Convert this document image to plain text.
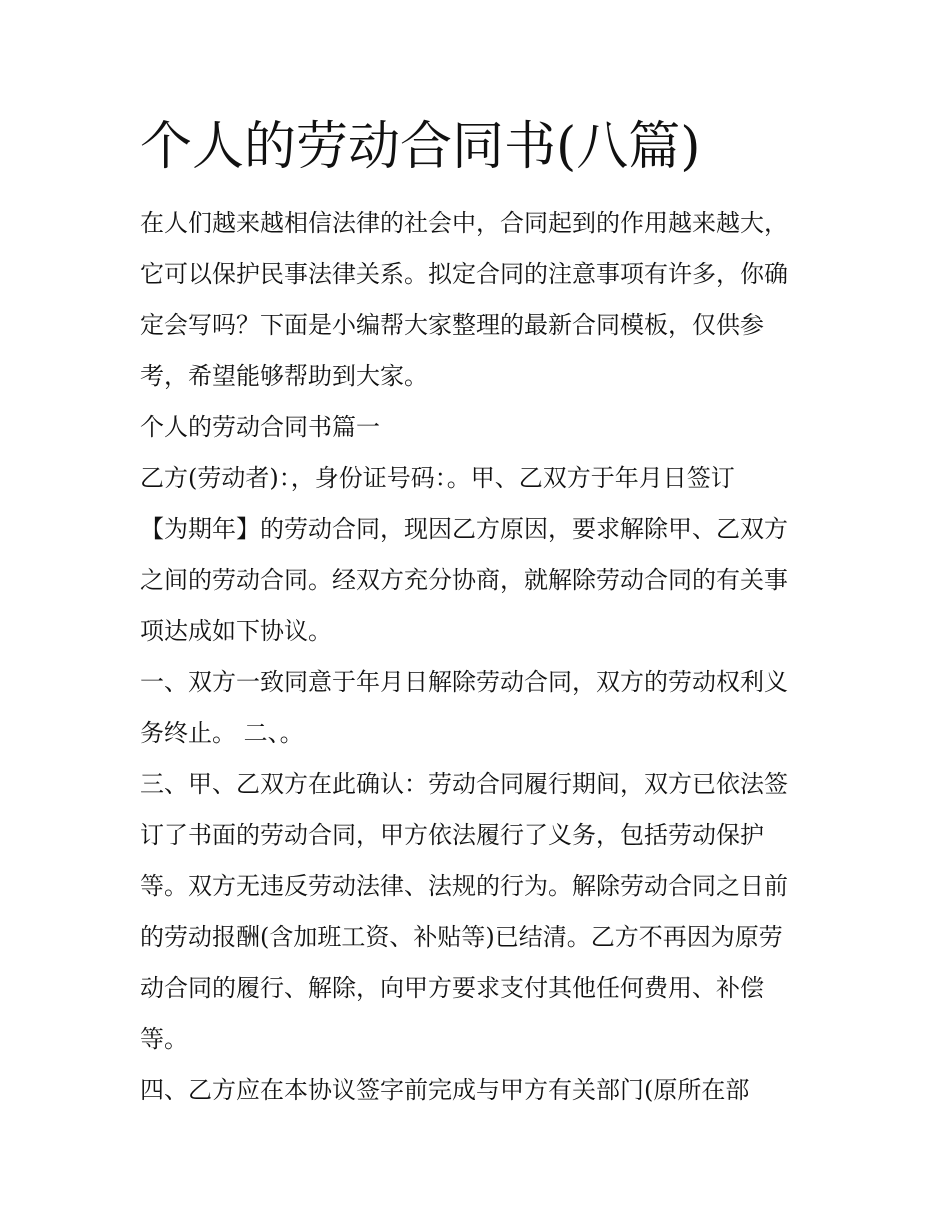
个人的劳动合同书(八篇)
在人们越来越相信法律的社会中，合同起到的作用越来越大，
它可以保护民事法律关系。拟定合同的注意事项有许多，你确
定会写吗？下面是小编帮大家整理的最新合同模板，仅供参
考，希望能够帮助到大家。
个人的劳动合同书篇一
乙方(劳动者)：，身份证号码：。甲、乙双方于年月日签订
【为期年】的劳动合同，现因乙方原因，要求解除甲、乙双方
之间的劳动合同。经双方充分协商，就解除劳动合同的有关事
项达成如下协议。
一、双方一致同意于年月日解除劳动合同，双方的劳动权利义
务终止。 二、。
三、甲、乙双方在此确认：劳动合同履行期间，双方已依法签
订了书面的劳动合同，甲方依法履行了义务，包括劳动保护
等。双方无违反劳动法律、法规的行为。解除劳动合同之日前
的劳动报酬(含加班工资、补贴等)已结清。乙方不再因为原劳
动合同的履行、解除，向甲方要求支付其他任何费用、补偿
等。
四、乙方应在本协议签字前完成与甲方有关部门(原所在部
